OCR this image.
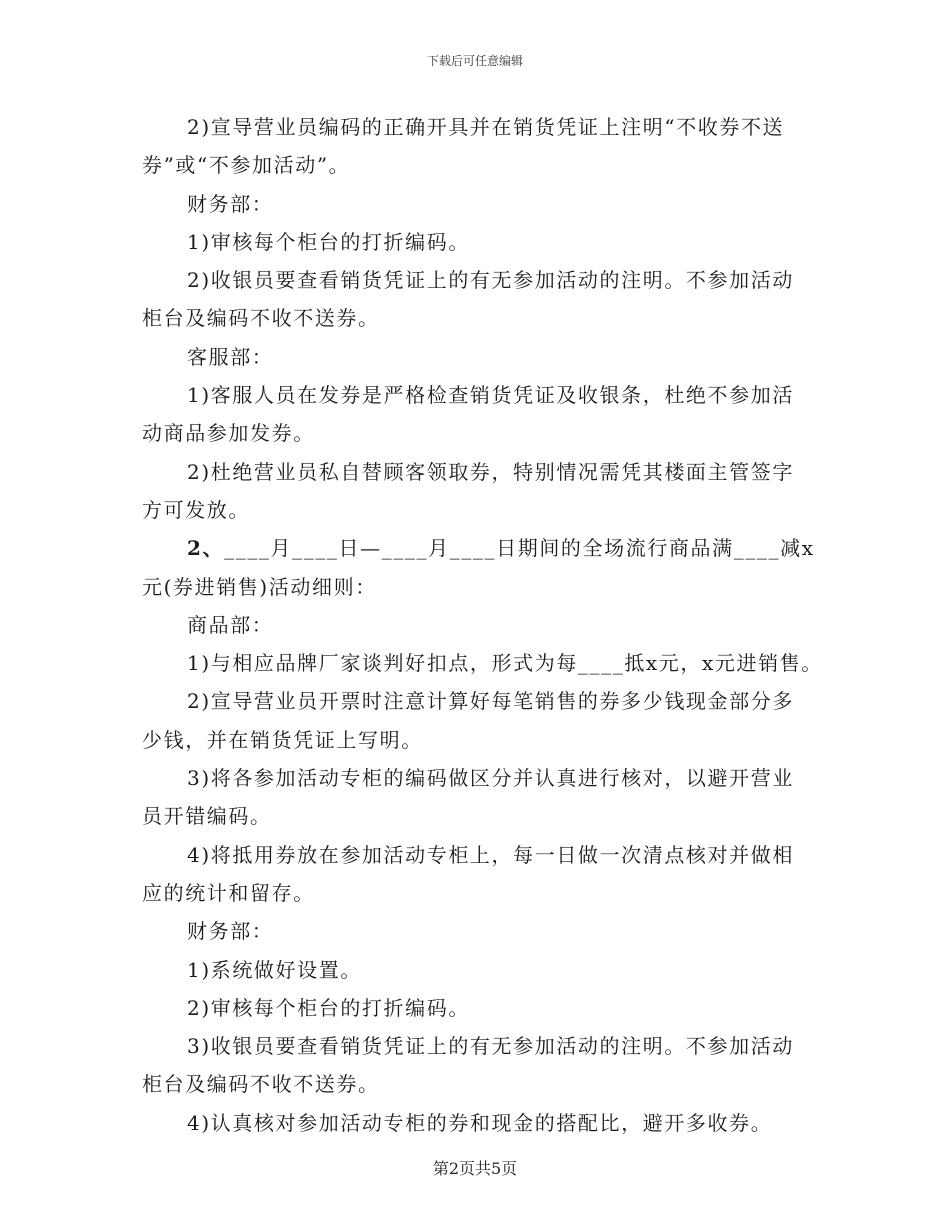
下载后可任意编辑
2)宣导营业员编码的正确开具并在销货凭证上注明“不收券不送
券”或“不参加活动”。
财务部：
1)审核每个柜台的打折编码。
2)收银员要查看销货凭证上的有无参加活动的注明。不参加活动
柜台及编码不收不送券。
客服部：
1)客服人员在发券是严格检查销货凭证及收银条，杜绝不参加活
动商品参加发券。
2)杜绝营业员私自替顾客领取券，特别情况需凭其楼面主管签字
方可发放。
2、____月____日—____月____日期间的全场流行商品满____减x
元(券进销售)活动细则：
商品部：
1)与相应品牌厂家谈判好扣点，形式为每____抵x元，x元进销售。
2)宣导营业员开票时注意计算好每笔销售的券多少钱现金部分多
少钱，并在销货凭证上写明。
3)将各参加活动专柜的编码做区分并认真进行核对，以避开营业
员开错编码。
4)将抵用券放在参加活动专柜上，每一日做一次清点核对并做相
应的统计和留存。
财务部：
1)系统做好设置。
2)审核每个柜台的打折编码。
3)收银员要查看销货凭证上的有无参加活动的注明。不参加活动
柜台及编码不收不送券。
4)认真核对参加活动专柜的券和现金的搭配比，避开多收券。
第2页共5页
